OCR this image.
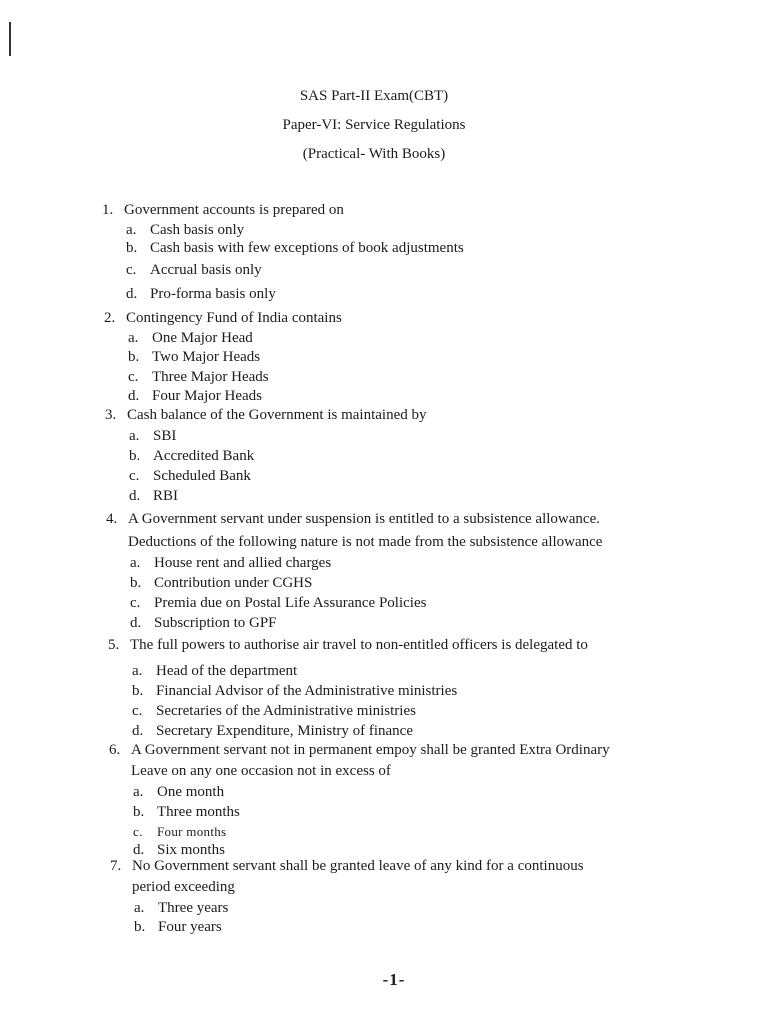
SAS Part-II Exam(CBT)
Paper-VI: Service Regulations
(Practical- With Books)
1. Government accounts is prepared on
a. Cash basis only
b. Cash basis with few exceptions of book adjustments
c. Accrual basis only
d. Pro-forma basis only
2. Contingency Fund of India contains
a. One Major Head
b. Two Major Heads
c. Three Major Heads
d. Four Major Heads
3. Cash balance of the Government is maintained by
a. SBI
b. Accredited Bank
c. Scheduled Bank
d. RBI
4. A Government servant under suspension is entitled to a subsistence allowance.
Deductions of the following nature is not made from the subsistence allowance
a. House rent and allied charges
b. Contribution under CGHS
c. Premia due on Postal Life Assurance Policies
d. Subscription to GPF
5. The full powers to authorise air travel to non-entitled officers is delegated to
a. Head of the department
b. Financial Advisor of the Administrative ministries
c. Secretaries of the Administrative ministries
d. Secretary Expenditure, Ministry of finance
6. A Government servant not in permanent empoy shall be granted Extra Ordinary
Leave on any one occasion not in excess of
a. One month
b. Three months
c. Four months
d. Six months
7. No Government servant shall be granted leave of any kind for a continuous
period exceeding
a. Three years
b. Four years
-1-
